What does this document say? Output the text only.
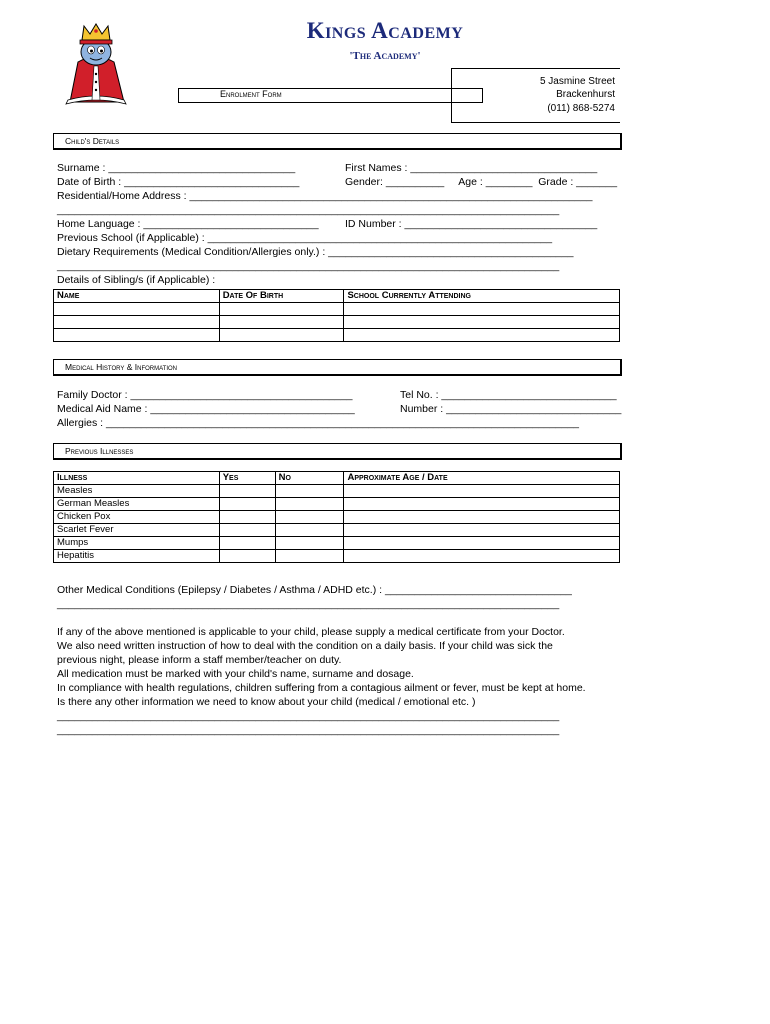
Kings Academy
'The Academy'
5 Jasmine Street
Brackenhurst
(011) 868-5274
Enrolment Form
Child's Details
Surname : ________________________________	First Names : ________________________________
Date of Birth : ______________________________	Gender: __________     Age : ________  Grade : _______
Residential/Home Address : _____________________________________________________________________
______________________________________________________________________________________
Home Language : ______________________________	ID Number : _________________________________
Previous School (if Applicable) : ___________________________________________________________
Dietary Requirements (Medical Condition/Allergies only.) : __________________________________________
______________________________________________________________________________________
Details of Sibling/s (if Applicable) :
Name	Date Of Birth	School Currently Attending

Medical History & Information
Family Doctor : ______________________________________	Tel No. : ______________________________
Medical Aid Name : ___________________________________	Number : ______________________________
Allergies : _________________________________________________________________________________
Previous Illnesses
Illness	Yes	No	Approximate Age / Date
Measles			
German Measles			
Chicken Pox			
Scarlet Fever			
Mumps			
Hepatitis			
Other Medical Conditions (Epilepsy / Diabetes / Asthma / ADHD etc.) : ________________________________
______________________________________________________________________________________
If any of the above mentioned is applicable to your child, please supply a medical certificate from your Doctor.
We also need written instruction of how to deal with the condition on a daily basis. If your child was sick the
previous night, please inform a staff member/teacher on duty.
All medication must be marked with your child's name, surname and dosage.
In compliance with health regulations, children suffering from a contagious ailment or fever, must be kept at home.
Is there any other information we need to know about your child (medical / emotional etc. )
______________________________________________________________________________________
______________________________________________________________________________________
